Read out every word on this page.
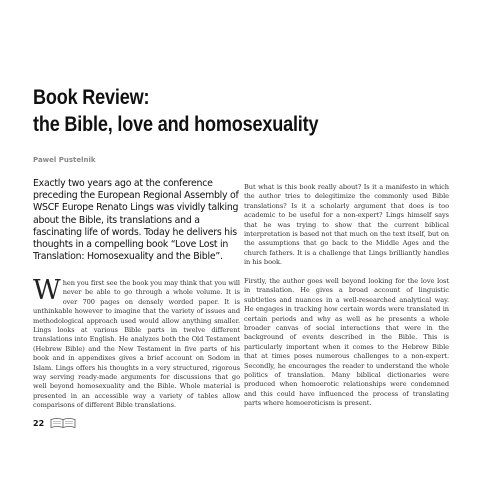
Book Review:
the Bible, love and homosexuality
Pawel Pustelnik

Exactly two years ago at the conference preceding the European Regional Assembly of WSCF Europe Renato Lings was vividly talking about the Bible, its translations and a fascinating life of words. Today he delivers his thoughts in a compelling book “Love Lost in Translation: Homosexuality and the Bible”.

But what is this book really about? Is it a manifesto in which the author tries to delegitimize the commonly used Bible translations? Is it a scholarly argument that does is too academic to be useful for a non-expert? Lings himself says that he was trying to show that the current biblical interpretation is based not that much on the text itself, but on the assumptions that go back to the Middle Ages and the church fathers. It is a challenge that Lings brilliantly handles in his book.

When you first see the book you may think that you will never be able to go through a whole volume. It is over 700 pages on densely worded paper. It is unthinkable however to imagine that the variety of issues and methodological approach used would allow anything smaller. Lings looks at various Bible parts in twelve different translations into English. He analyzes both the Old Testament (Hebrew Bible) and the New Testament in five parts of his book and in appendixes gives a brief account on Sodom in Islam. Lings offers his thoughts in a very structured, rigorous way serving ready-made arguments for discussions that go well beyond homosexuality and the Bible. Whole material is presented in an accessible way a variety of tables allow comparisons of different Bible translations.

Firstly, the author goes well beyond looking for the love lost in translation. He gives a broad account of linguistic subtleties and nuances in a well-researched analytical way. He engages in tracking how certain words were translated in certain periods and why as well as he presents a whole broader canvas of social interactions that were in the background of events described in the Bible. This is particularly important when it comes to the Hebrew Bible that at times poses numerous challenges to a non-expert. Secondly, he encourages the reader to understand the whole politics of translation. Many biblical dictionaries were produced when homoerotic relationships were condemned and this could have influenced the process of translating parts where homoeroticism is present.

22
